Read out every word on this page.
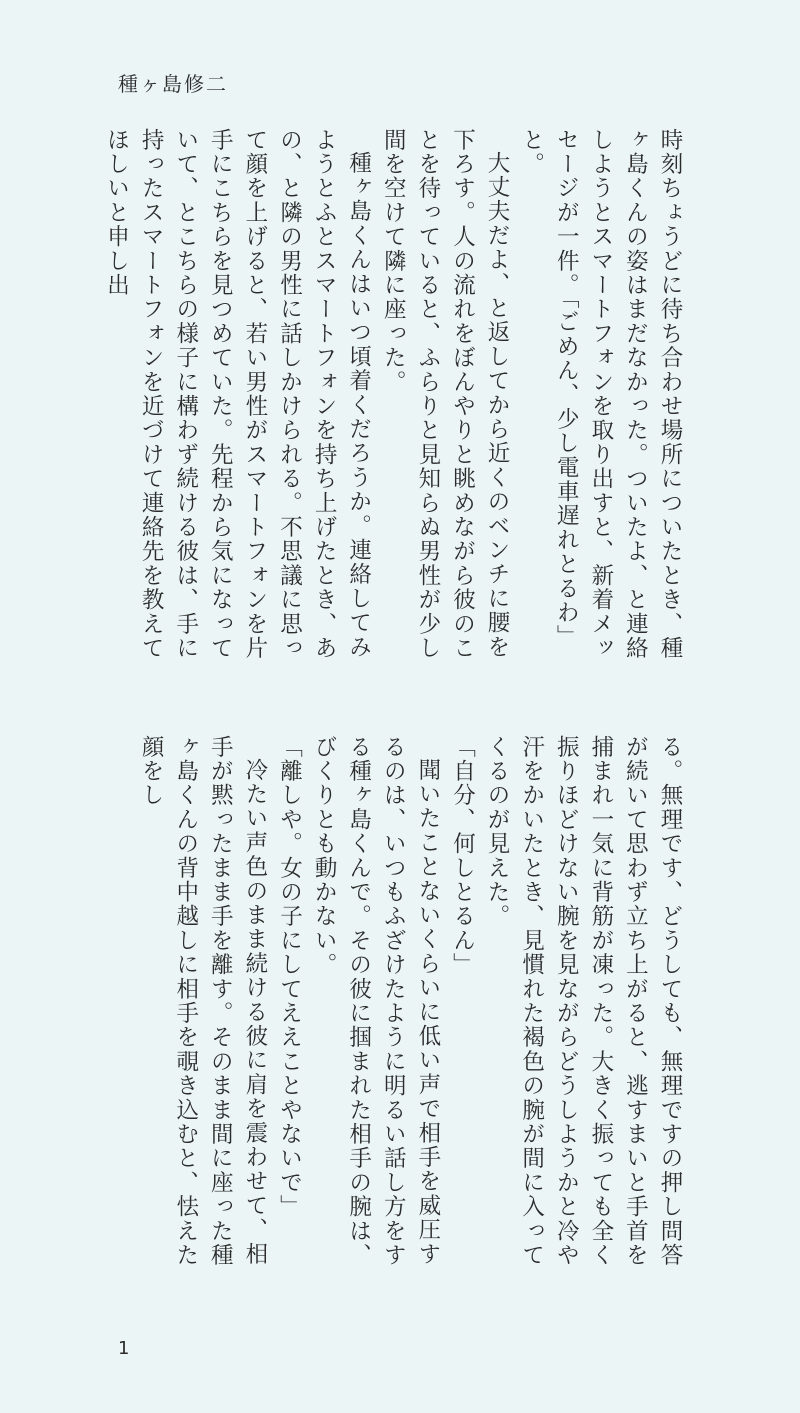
種ヶ島修二

時刻ちょうどに待ち合わせ場所についたとき、種ヶ島くんの姿はまだなかった。ついたよ、と連絡しようとスマートフォンを取り出すと、新着メッセージが一件。「ごめん、少し電車遅れとるわ」と。

大丈夫だよ、と返してから近くのベンチに腰を下ろす。人の流れをぼんやりと眺めながら彼のことを待っていると、ふらりと見知らぬ男性が少し間を空けて隣に座った。

種ヶ島くんはいつ頃着くだろうか。連絡してみようとふとスマートフォンを持ち上げたとき、あの、と隣の男性に話しかけられる。不思議に思って顔を上げると、若い男性がスマートフォンを片手にこちらを見つめていた。先程から気になっていて、とこちらの様子に構わず続ける彼は、手に持ったスマートフォンを近づけて連絡先を教えてほしいと申し出

る。無理です、どうしても、無理ですの押し問答が続いて思わず立ち上がると、逃すまいと手首を捕まれ一気に背筋が凍った。大きく振っても全く振りほどけない腕を見ながらどうしようかと冷や汗をかいたとき、見慣れた褐色の腕が間に入ってくるのが見えた。

「自分、何しとるん」

聞いたことないくらいに低い声で相手を威圧するのは、いつもふざけたように明るい話し方をする種ヶ島くんで。その彼に掴まれた相手の腕は、びくりとも動かない。

「離しや。女の子にしてええことやないで」

冷たい声色のまま続ける彼に肩を震わせて、相手が黙ったまま手を離す。そのまま間に座った種ヶ島くんの背中越しに相手を覗き込むと、怯えた顔をし

1
